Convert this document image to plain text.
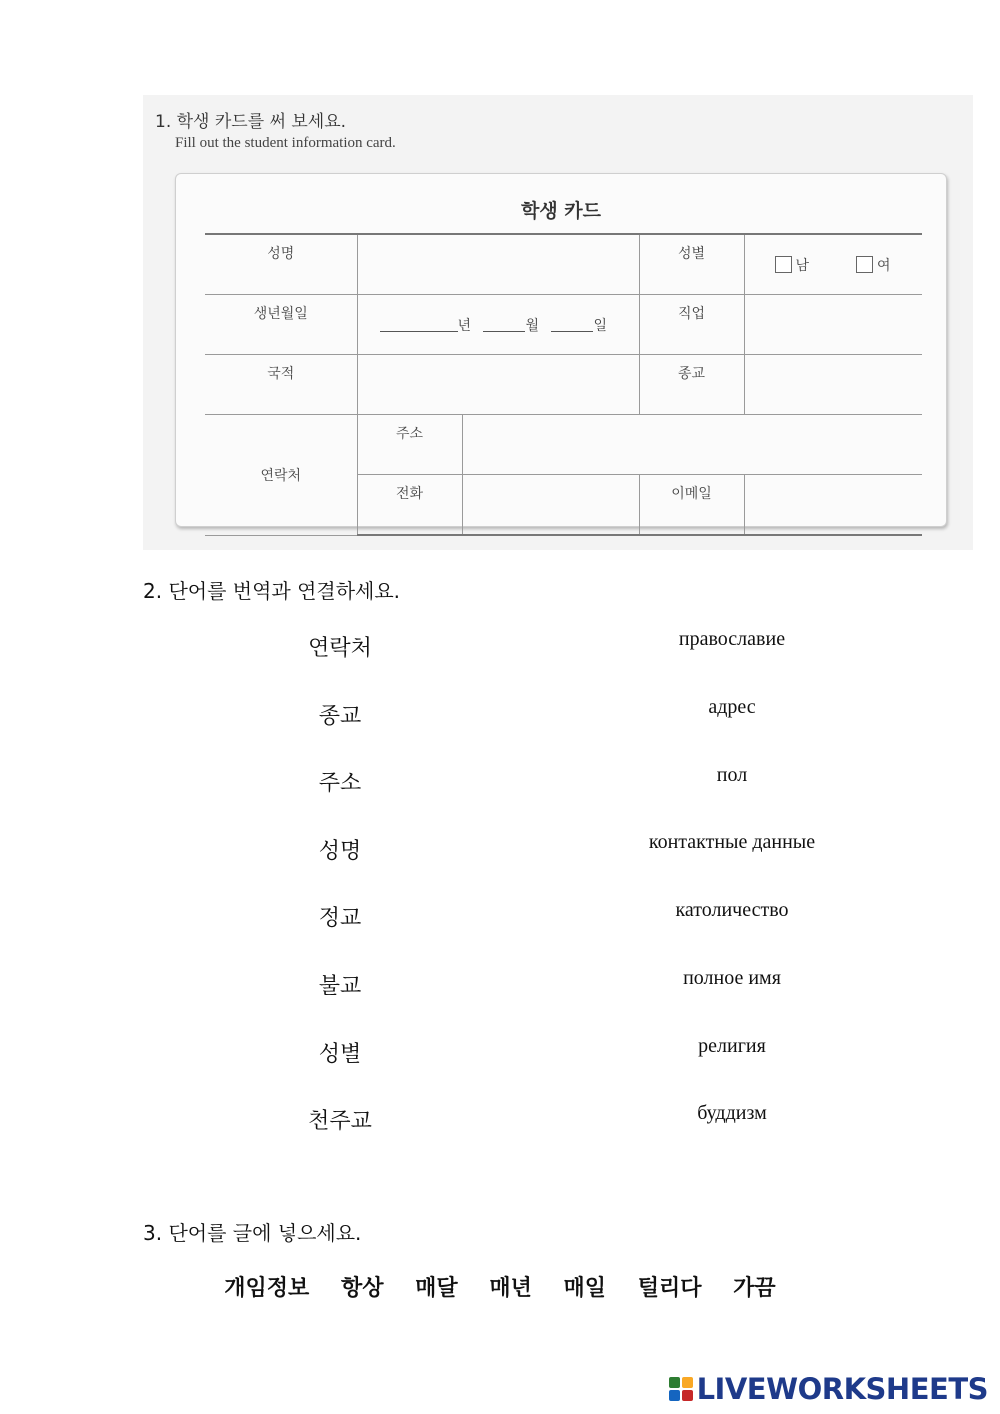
1. 학생 카드를 써 보세요.
Fill out the student information card.
학생 카드
성명			성별	남 여
생년월일	년 월 일		직업	
국적			종교	
연락처	주소			
	전화		이메일	
2. 단어를 번역과 연결하세요.
연락처
종교
주소
성명
정교
불교
성별
천주교
православие
адрес
пол
контактные данные
католичество
полное имя
религия
буддизм
3. 단어를 글에 넣으세요.
개임정보 항상 매달 매년 매일 털리다 가끔
LIVEWORKSHEETS
